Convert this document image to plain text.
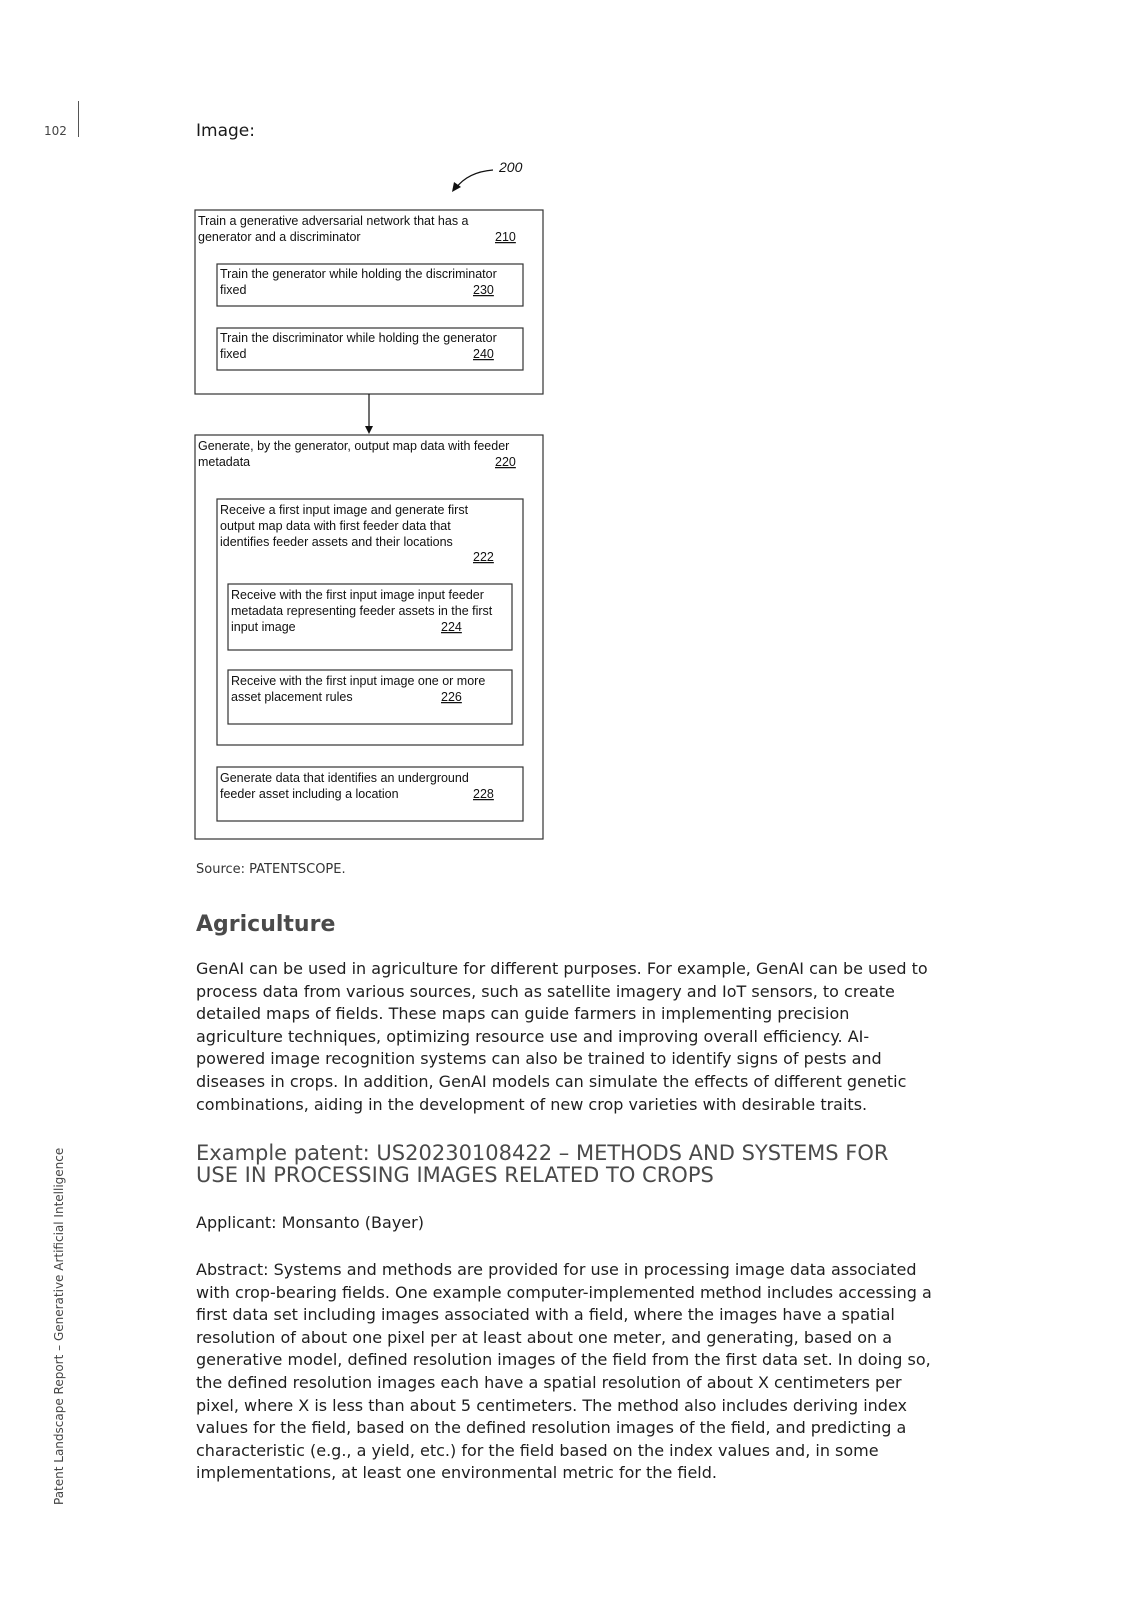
102
Patent Landscape Report – Generative Artificial Intelligence
Image:
200
Train a generative adversarial network that has a
generator and a discriminator	210
Train the generator while holding the discriminator
fixed	230
Train the discriminator while holding the generator
fixed	240
Generate, by the generator, output map data with feeder
metadata	220
Receive a first input image and generate first
output map data with first feeder data that
identifies feeder assets and their locations
222
Receive with the first input image input feeder
metadata representing feeder assets in the first
input image	224
Receive with the first input image one or more
asset placement rules	226
Generate data that identifies an underground
feeder asset including a location	228
Source: PATENTSCOPE.
Agriculture
GenAI can be used in agriculture for different purposes. For example, GenAI can be used to process data from various sources, such as satellite imagery and IoT sensors, to create detailed maps of fields. These maps can guide farmers in implementing precision agriculture techniques, optimizing resource use and improving overall efficiency. AI-powered image recognition systems can also be trained to identify signs of pests and diseases in crops. In addition, GenAI models can simulate the effects of different genetic combinations, aiding in the development of new crop varieties with desirable traits.
Example patent: US20230108422 – METHODS AND SYSTEMS FOR USE IN PROCESSING IMAGES RELATED TO CROPS
Applicant: Monsanto (Bayer)
Abstract: Systems and methods are provided for use in processing image data associated with crop-bearing fields. One example computer-implemented method includes accessing a first data set including images associated with a field, where the images have a spatial resolution of about one pixel per at least about one meter, and generating, based on a generative model, defined resolution images of the field from the first data set. In doing so, the defined resolution images each have a spatial resolution of about X centimeters per pixel, where X is less than about 5 centimeters. The method also includes deriving index values for the field, based on the defined resolution images of the field, and predicting a characteristic (e.g., a yield, etc.) for the field based on the index values and, in some implementations, at least one environmental metric for the field.
